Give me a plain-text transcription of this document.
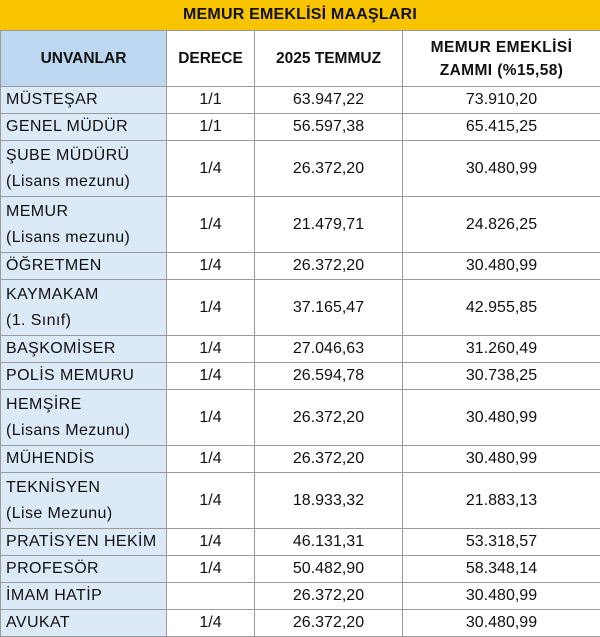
MEMUR EMEKLİSİ MAAŞLARI
UNVANLAR	DERECE	2025 TEMMUZ	MEMUR EMEKLİSİ
ZAMMI (%15,58)

MÜSTEŞAR	1/1	63.947,22	73.910,20

GENEL MÜDÜR	1/1	56.597,38	65.415,25

ŞUBE MÜDÜRÜ
(Lisans mezunu)	1/4	26.372,20	30.480,99

MEMUR
(Lisans mezunu)	1/4	21.479,71	24.826,25

ÖĞRETMEN	1/4	26.372,20	30.480,99

KAYMAKAM
(1. Sınıf)	1/4	37.165,47	42.955,85

BAŞKOMİSER	1/4	27.046,63	31.260,49

POLİS MEMURU	1/4	26.594,78	30.738,25

HEMŞİRE
(Lisans Mezunu)	1/4	26.372,20	30.480,99

MÜHENDİS	1/4	26.372,20	30.480,99

TEKNİSYEN
(Lise Mezunu)	1/4	18.933,32	21.883,13

PRATİSYEN HEKİM	1/4	46.131,31	53.318,57

PROFESÖR	1/4	50.482,90	58.348,14

İMAM HATİP		26.372,20	30.480,99

AVUKAT	1/4	26.372,20	30.480,99
